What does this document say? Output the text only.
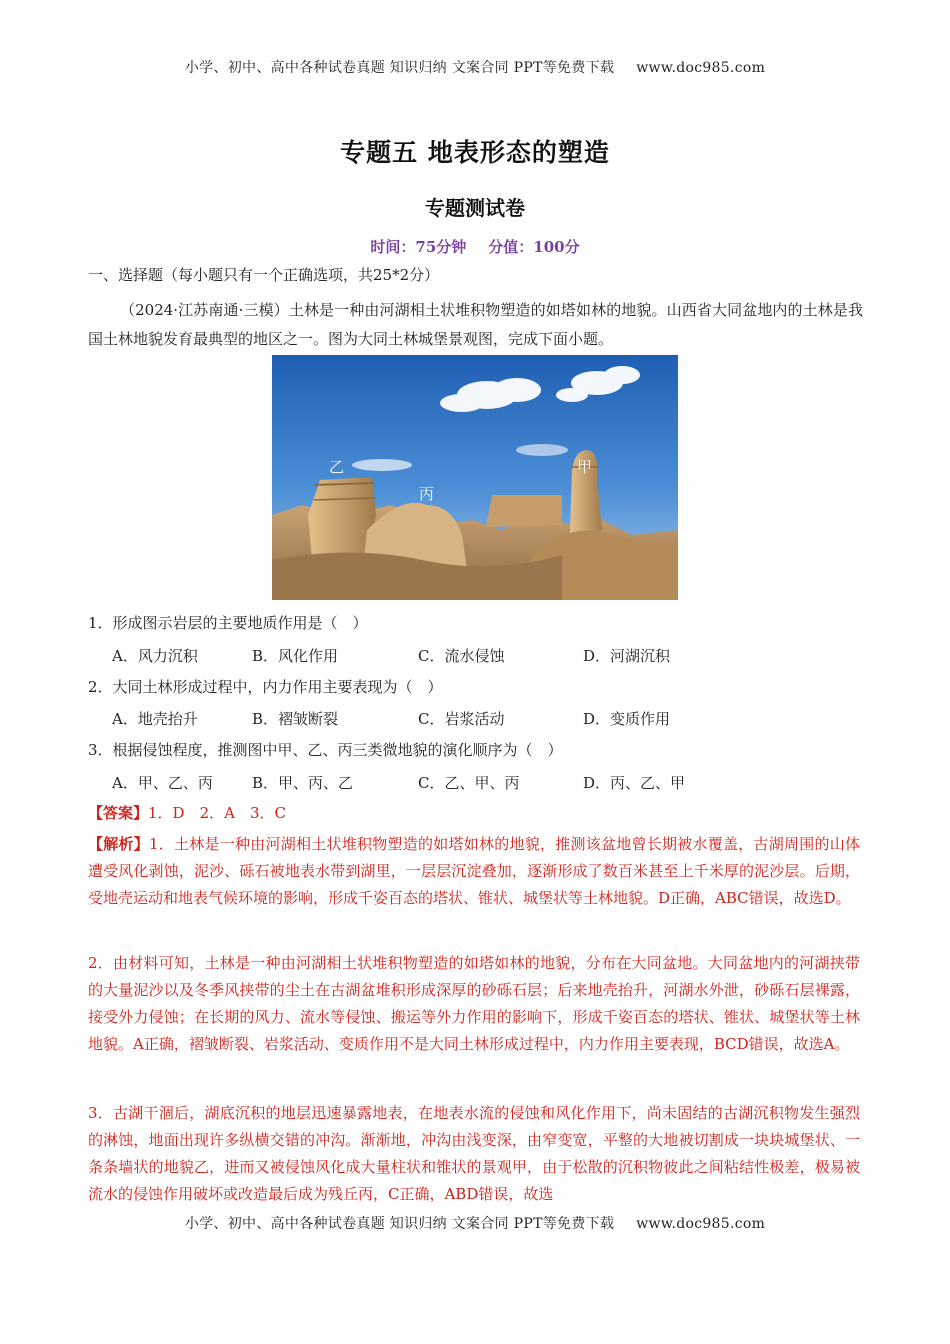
小学、初中、高中各种试卷真题 知识归纳 文案合同 PPT等免费下载 www.doc985.com
专题五 地表形态的塑造
专题测试卷
时间：75分钟 分值：100分
一、选择题（每小题只有一个正确选项，共25*2分）
（2024·江苏南通·三模）土林是一种由河湖相土状堆积物塑造的如塔如林的地貌。山西省大同盆地内的土林是我国土林地貌发育最典型的地区之一。图为大同土林城堡景观图，完成下面小题。
乙
丙
甲
1．形成图示岩层的主要地质作用是（　）
A．风力沉积	B．风化作用	C．流水侵蚀	D．河湖沉积
2．大同土林形成过程中，内力作用主要表现为（　）
A．地壳抬升	B．褶皱断裂	C．岩浆活动	D．变质作用
3．根据侵蚀程度，推测图中甲、乙、丙三类微地貌的演化顺序为（　）
A．甲、乙、丙	B．甲、丙、乙	C．乙、甲、丙	D．丙、乙、甲
【答案】1．D　2．A　3．C
【解析】1．土林是一种由河湖相土状堆积物塑造的如塔如林的地貌，推测该盆地曾长期被水覆盖，古湖周围的山体遭受风化剥蚀，泥沙、砾石被地表水带到湖里，一层层沉淀叠加，逐渐形成了数百米甚至上千米厚的泥沙层。后期，受地壳运动和地表气候环境的影响，形成千姿百态的塔状、锥状、城堡状等土林地貌。D正确，ABC错误，故选D。
2．由材料可知，土林是一种由河湖相土状堆积物塑造的如塔如林的地貌，分布在大同盆地。大同盆地内的河湖挟带的大量泥沙以及冬季风挟带的尘土在古湖盆堆积形成深厚的砂砾石层；后来地壳抬升，河湖水外泄，砂砾石层裸露，接受外力侵蚀；在长期的风力、流水等侵蚀、搬运等外力作用的影响下，形成千姿百态的塔状、锥状、城堡状等土林地貌。A正确，褶皱断裂、岩浆活动、变质作用不是大同土林形成过程中，内力作用主要表现，BCD错误，故选A。
3．古湖干涸后，湖底沉积的地层迅速暴露地表，在地表水流的侵蚀和风化作用下，尚未固结的古湖沉积物发生强烈的淋蚀，地面出现许多纵横交错的冲沟。渐渐地，冲沟由浅变深，由窄变宽，平整的大地被切割成一块块城堡状、一条条墙状的地貌乙，进而又被侵蚀风化成大量柱状和锥状的景观甲，由于松散的沉积物彼此之间粘结性极差，极易被流水的侵蚀作用破坏或改造最后成为残丘丙，C正确，ABD错误，故选
小学、初中、高中各种试卷真题 知识归纳 文案合同 PPT等免费下载 www.doc985.com
